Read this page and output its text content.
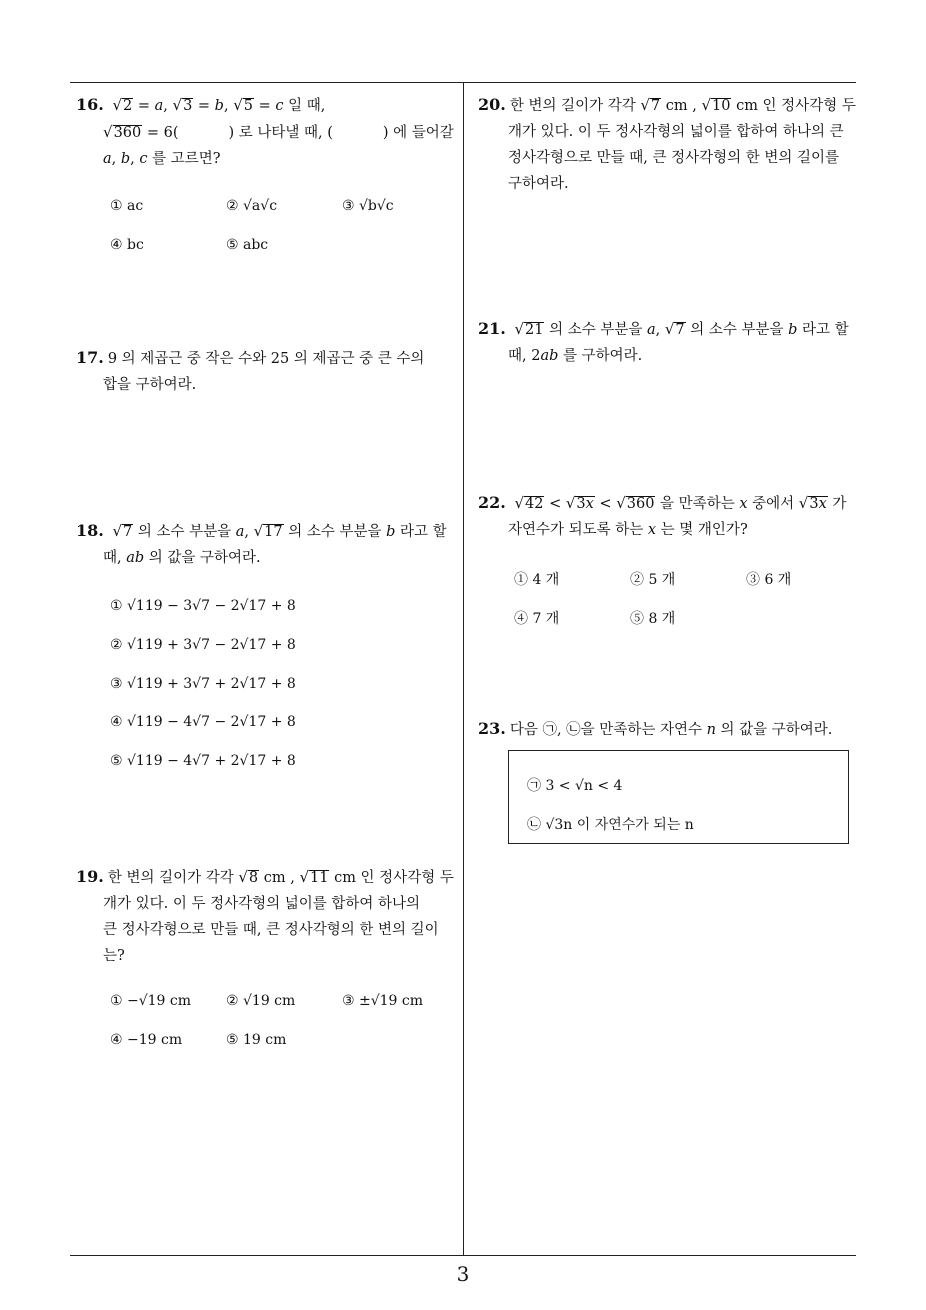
16. √2 = a, √3 = b, √5 = c 일 때,
√360 = 6(	) 로 나타낼 때, (	) 에 들어갈
a, b, c 를 고르면?
① ac	② √a√c	③ √b√c
④ bc	⑤ abc
17. 9 의 제곱근 중 작은 수와 25 의 제곱근 중 큰 수의
합을 구하여라.
18. √7 의 소수 부분을 a, √17 의 소수 부분을 b 라고 할
때, ab 의 값을 구하여라.
① √119 − 3√7 − 2√17 + 8
② √119 + 3√7 − 2√17 + 8
③ √119 + 3√7 + 2√17 + 8
④ √119 − 4√7 − 2√17 + 8
⑤ √119 − 4√7 + 2√17 + 8
19. 한 변의 길이가 각각 √8 cm , √11 cm 인 정사각형 두
개가 있다. 이 두 정사각형의 넓이를 합하여 하나의
큰 정사각형으로 만들 때, 큰 정사각형의 한 변의 길이
는?
① −√19 cm ② √19 cm	③ ±√19 cm
④ −19 cm	⑤ 19 cm
20. 한 변의 길이가 각각 √7 cm , √10 cm 인 정사각형 두
개가 있다. 이 두 정사각형의 넓이를 합하여 하나의 큰
정사각형으로 만들 때, 큰 정사각형의 한 변의 길이를
구하여라.
21. √21 의 소수 부분을 a, √7 의 소수 부분을 b 라고 할
때, 2ab 를 구하여라.
22. √42 < √3x < √360 을 만족하는 x 중에서 √3x 가
자연수가 되도록 하는 x 는 몇 개인가?
① 4 개	② 5 개	③ 6 개
④ 7 개	⑤ 8 개
23. 다음 ㉠, ㉡을 만족하는 자연수 n 의 값을 구하여라.
㉠ 3 < √n < 4
㉡ √3n 이 자연수가 되는 n
3
